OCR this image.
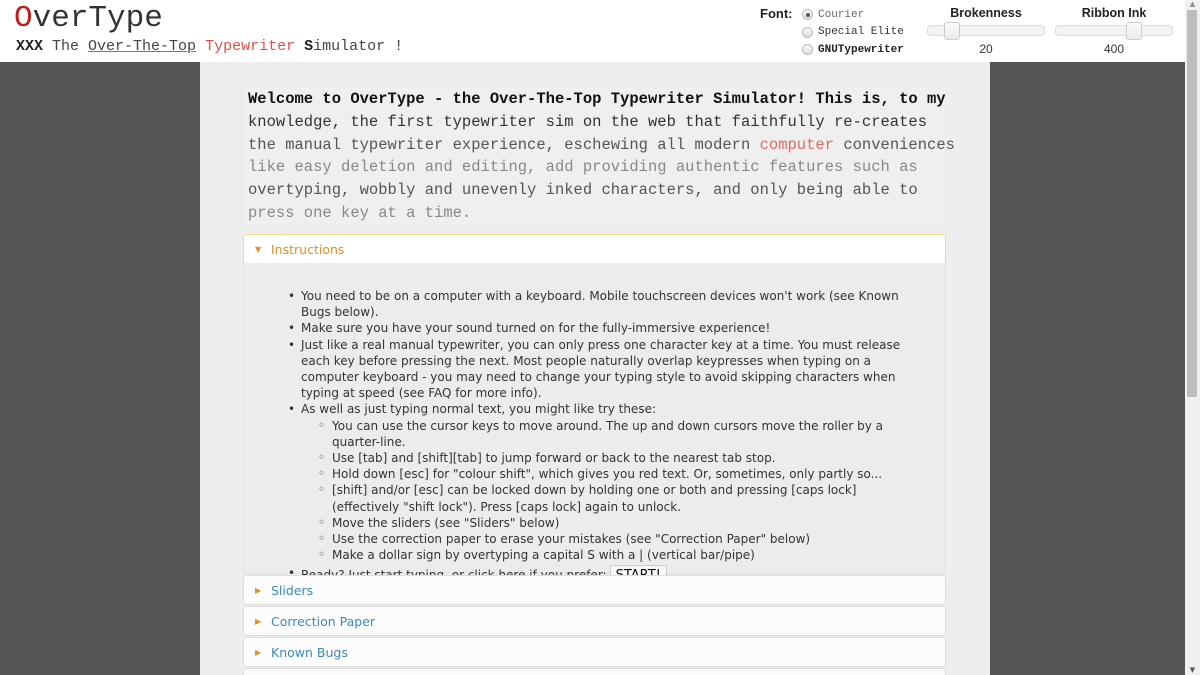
OverType
XXX The Over-The-Top Typewriter Simulator !
Font: Courier
Special Elite
GNUTypewriter
Brokenness
20
Ribbon Ink
400
▲
▼
Welcome to OverType - the Over-The-Top Typewriter Simulator! This is, to my
knowledge, the first typewriter sim on the web that faithfully re-creates
the manual typewriter experience, eschewing all modern computer conveniences
like easy deletion and editing, add providing authentic features such as
overtyping, wobbly and unevenly inked characters, and only being able to
press one key at a time.
▼ Instructions
• You need to be on a computer with a keyboard. Mobile touchscreen devices won't work (see Known Bugs below).
• Make sure you have your sound turned on for the fully-immersive experience!
• Just like a real manual typewriter, you can only press one character key at a time. You must release each key before pressing the next. Most people naturally overlap keypresses when typing on a computer keyboard - you may need to change your typing style to avoid skipping characters when typing at speed (see FAQ for more info).
• As well as just typing normal text, you might like try these:
◦ You can use the cursor keys to move around. The up and down cursors move the roller by a quarter-line.
◦ Use [tab] and [shift][tab] to jump forward or back to the nearest tab stop.
◦ Hold down [esc] for "colour shift", which gives you red text. Or, sometimes, only partly so...
◦ [shift] and/or [esc] can be locked down by holding one or both and pressing [caps lock] (effectively "shift lock"). Press [caps lock] again to unlock.
◦ Move the sliders (see "Sliders" below)
◦ Use the correction paper to erase your mistakes (see "Correction Paper" below)
◦ Make a dollar sign by overtyping a capital S with a | (vertical bar/pipe)
•
▶ Sliders
▶ Correction Paper
▶ Known Bugs
